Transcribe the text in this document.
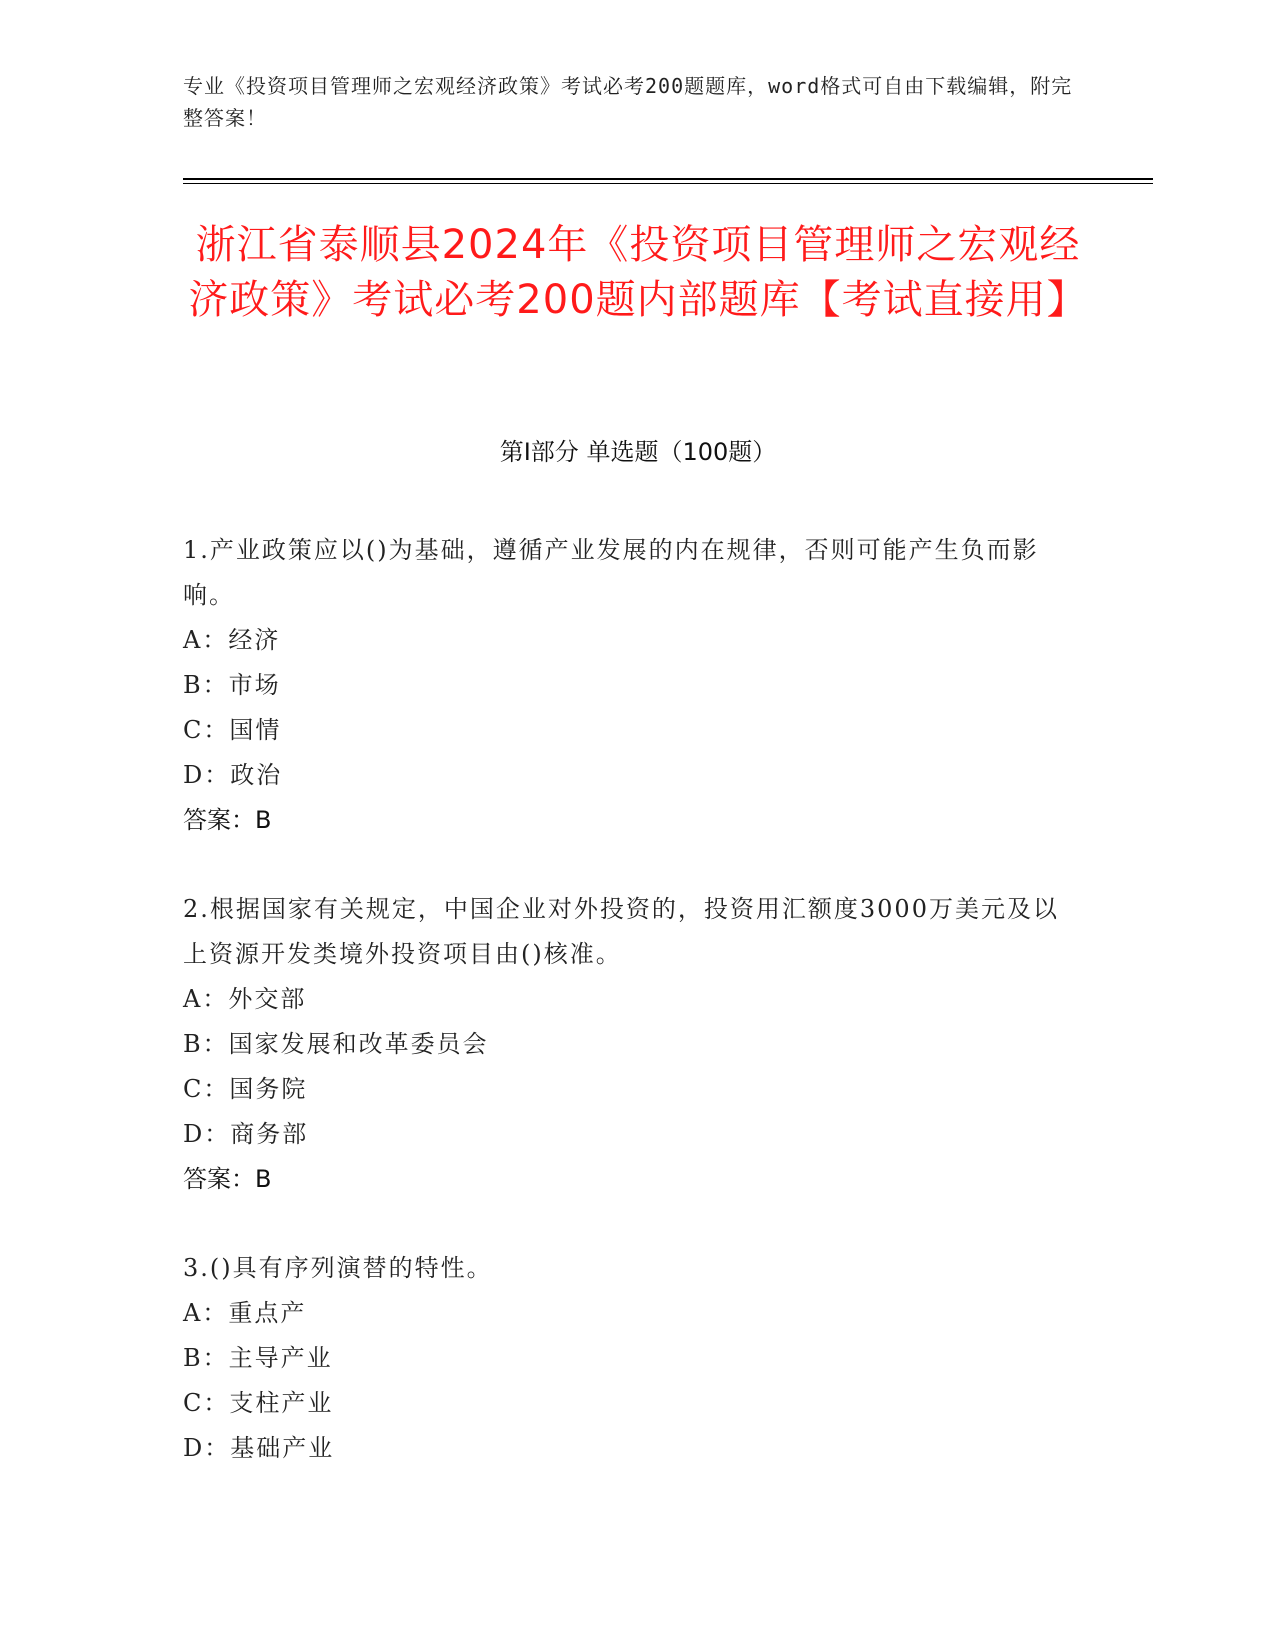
专业《投资项目管理师之宏观经济政策》考试必考200题题库，word格式可自由下载编辑，附完整答案！
浙江省泰顺县2024年《投资项目管理师之宏观经济政策》考试必考200题内部题库【考试直接用】
第I部分 单选题（100题）
1.产业政策应以()为基础，遵循产业发展的内在规律，否则可能产生负而影响。
A：经济
B：市场
C：国情
D：政治
答案：B
2.根据国家有关规定，中国企业对外投资的，投资用汇额度3000万美元及以上资源开发类境外投资项目由()核准。
A：外交部
B：国家发展和改革委员会
C：国务院
D：商务部
答案：B
3.()具有序列演替的特性。
A：重点产
B：主导产业
C：支柱产业
D：基础产业
